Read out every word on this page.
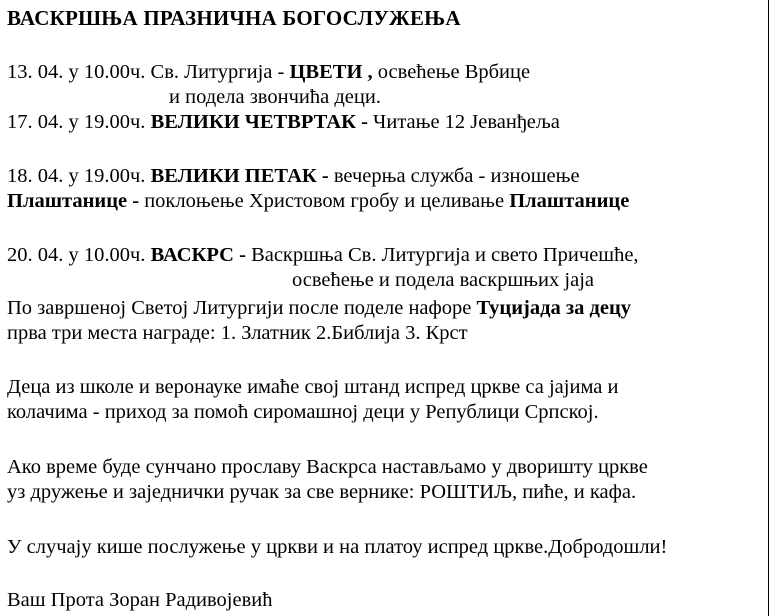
ВАСКРШЊА ПРАЗНИЧНА БОГОСЛУЖЕЊА
13. 04. у 10.00ч. Св. Литургија - ЦВЕТИ , освећење Врбице
и подела звончића деци.
17. 04. у 19.00ч. ВЕЛИКИ ЧЕТВРТАК - Читање 12 Јеванђеља
18. 04. у 19.00ч. ВЕЛИКИ ПЕТАК - вечерња служба - изношење
Плаштанице - поклоњење Христовом гробу и целивање Плаштанице
20. 04. у 10.00ч. ВАСКРС - Васкршња Св. Литургија и свето Причешће,
освећење и подела васкршњих јаја
По завршеној Светој Литургији после поделе нафоре Туцијада за децу
прва три места награде: 1. Златник 2.Библија 3. Крст
Деца из школе и веронауке имаће свој штанд испред цркве са јајима и
колачима - приход за помоћ сиромашној деци у Републици Српској.
Ако време буде сунчано прославу Васкрса настављамо у дворишту цркве
уз дружење и заједнички ручак за све вернике: РОШТИЉ, пиће, и кафа.
У случају кише послужење у цркви и на платоу испред цркве.Добродошли!
Ваш Прота Зоран Радивојевић
